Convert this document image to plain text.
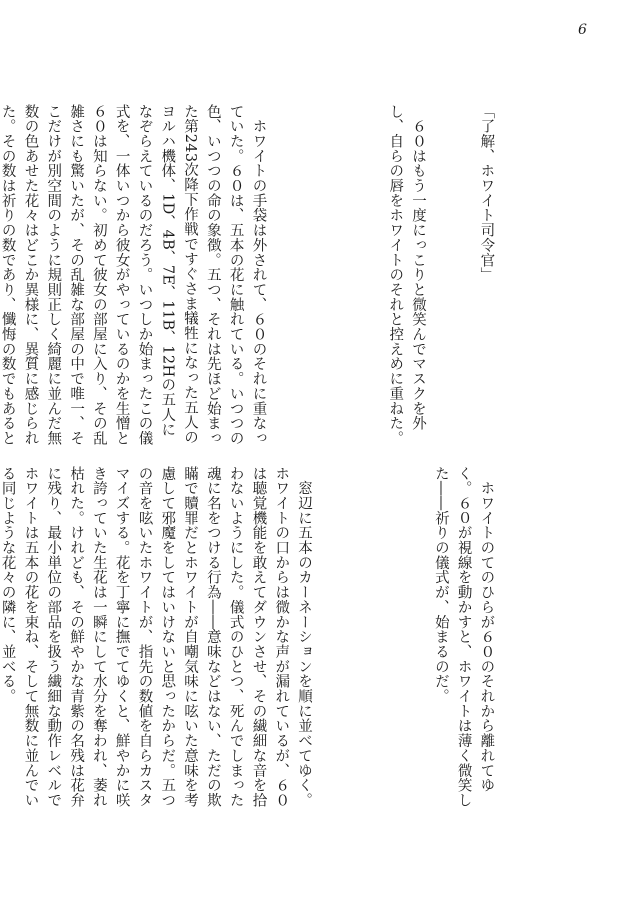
6

「了解、ホワイト司令官」

　６０はもう一度にっこりと微笑んでマスクを外し、自らの唇をホワイトのそれと控えめに重ねた。

　ホワイトの手袋は外されて、６０のそれに重なっていた。６０は、五本の花に触れている。いつつの色、いつつの命の象徴。五つ、それは先ほど始まった第243次降下作戦ですぐさま犠牲になった五人のヨルハ機体、1D、4B、7E、11B、12Hの五人になぞらえているのだろう。いつしか始まったこの儀式を、一体いつから彼女がやっているのかを生憎と６０は知らない。初めて彼女の部屋に入り、その乱雑さにも驚いたが、その乱雑な部屋の中で唯一、そこだけが別空間のように規則正しく綺麗に並んだ無数の色あせた花々はどこか異様に、異質に感じられた。その数は祈りの数であり、懺悔の数でもあると

　ホワイトのてのひらが６０のそれから離れてゆく。６０が視線を動かすと、ホワイトは薄く微笑した――祈りの儀式が、始まるのだ。

　窓辺に五本のカーネーションを順に並べてゆく。ホワイトの口からは微かな声が漏れているが、６０は聴覚機能を敢えてダウンさせ、その繊細な音を拾わないようにした。儀式のひとつ、死んでしまった魂に名をつける行為――意味などはない、ただの欺瞞で贖罪だとホワイトが自嘲気味に呟いた意味を考慮して邪魔をしてはいけないと思ったからだ。五つの音を呟いたホワイトが、指先の数値を自らカスタマイズする。花を丁寧に撫でてゆくと、鮮やかに咲き誇っていた生花は一瞬にして水分を奪われ、萎れ枯れた。けれども、その鮮やかな青紫の名残は花弁に残り、最小単位の部品を扱う繊細な動作レベルでホワイトは五本の花を束ね、そして無数に並んでいる同じような花々の隣に、並べる。
